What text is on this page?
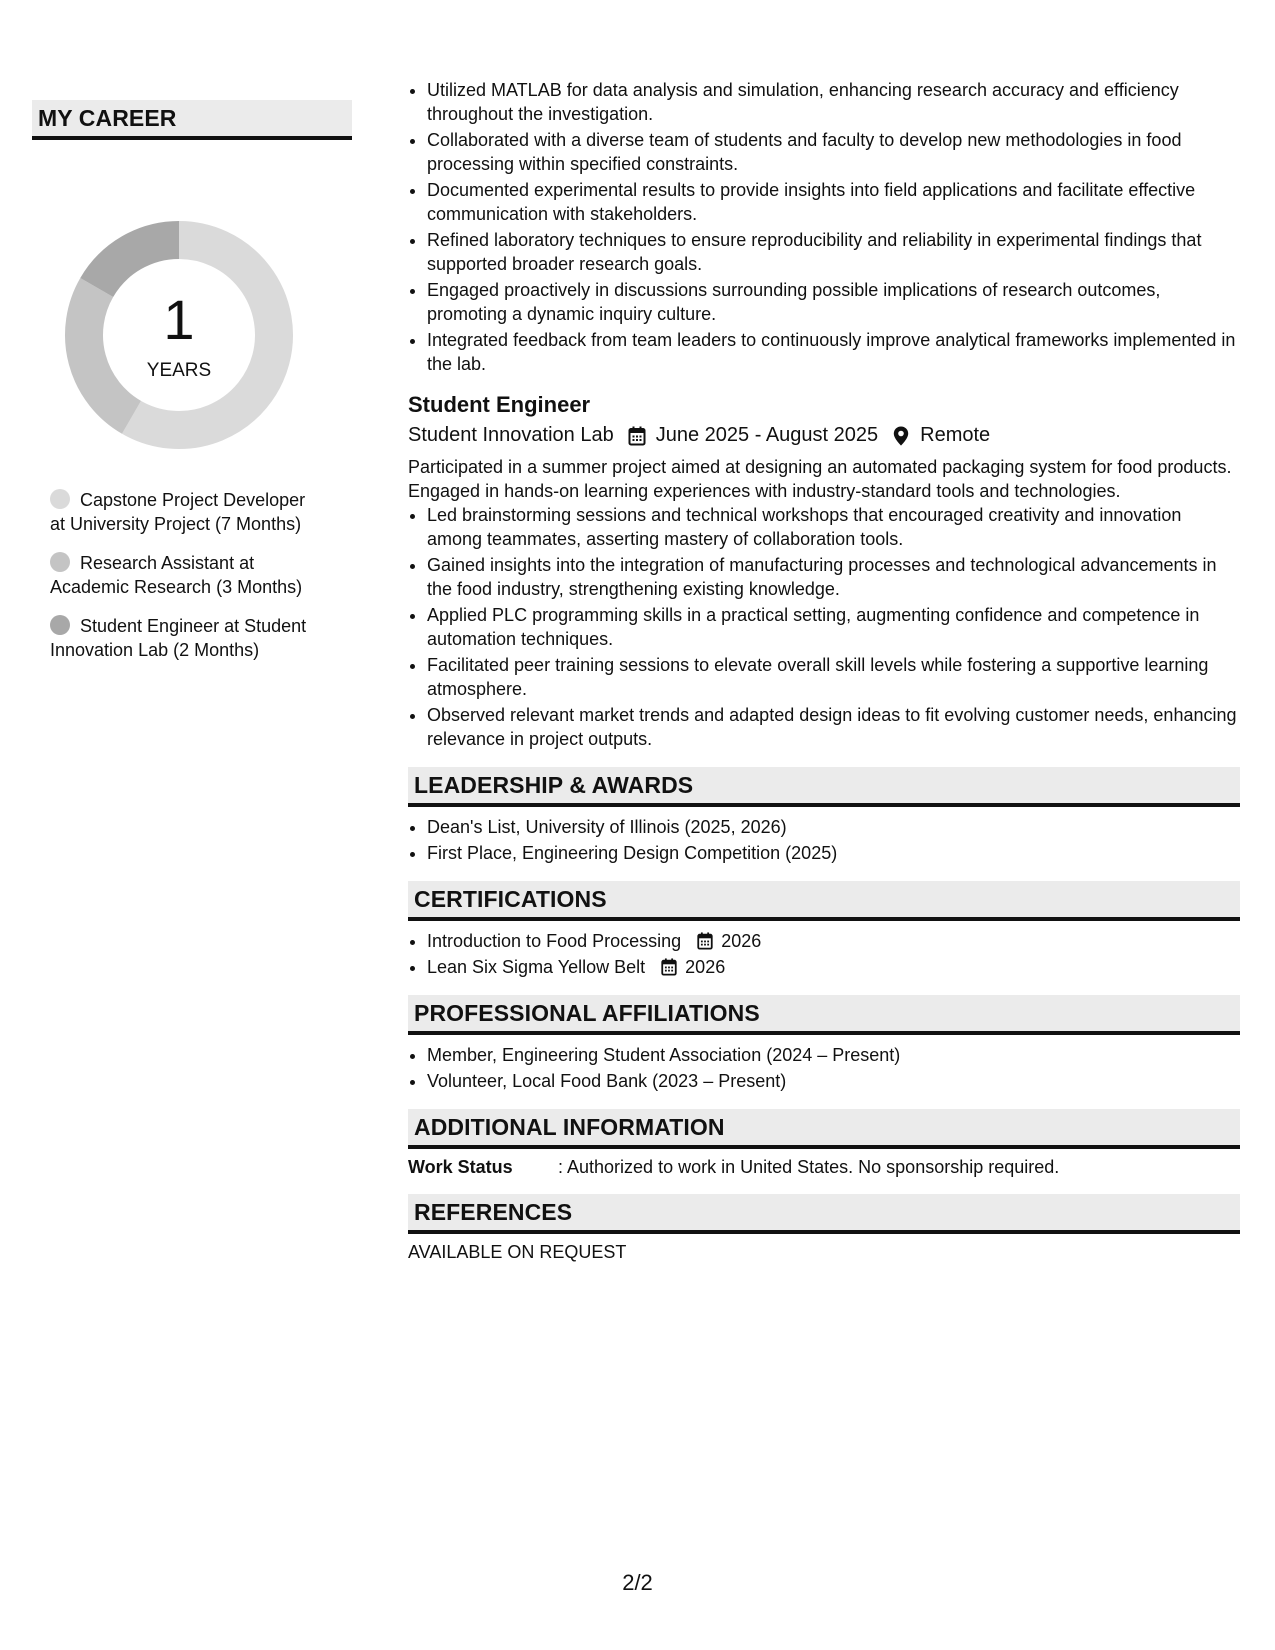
MY CAREER
1
YEARS
Capstone Project Developer at University Project (7 Months)
Research Assistant at Academic Research (3 Months)
Student Engineer at Student Innovation Lab (2 Months)
• Utilized MATLAB for data analysis and simulation, enhancing research accuracy and efficiency throughout the investigation.
• Collaborated with a diverse team of students and faculty to develop new methodologies in food processing within specified constraints.
• Documented experimental results to provide insights into field applications and facilitate effective communication with stakeholders.
• Refined laboratory techniques to ensure reproducibility and reliability in experimental findings that supported broader research goals.
• Engaged proactively in discussions surrounding possible implications of research outcomes, promoting a dynamic inquiry culture.
• Integrated feedback from team leaders to continuously improve analytical frameworks implemented in the lab.
Student Engineer
Student Innovation Lab June 2025 - August 2025 Remote
Participated in a summer project aimed at designing an automated packaging system for food products. Engaged in hands-on learning experiences with industry-standard tools and technologies.
• Led brainstorming sessions and technical workshops that encouraged creativity and innovation among teammates, asserting mastery of collaboration tools.
• Gained insights into the integration of manufacturing processes and technological advancements in the food industry, strengthening existing knowledge.
• Applied PLC programming skills in a practical setting, augmenting confidence and competence in automation techniques.
• Facilitated peer training sessions to elevate overall skill levels while fostering a supportive learning atmosphere.
• Observed relevant market trends and adapted design ideas to fit evolving customer needs, enhancing relevance in project outputs.
LEADERSHIP & AWARDS
• Dean's List, University of Illinois (2025, 2026)
• First Place, Engineering Design Competition (2025)
CERTIFICATIONS
• Introduction to Food Processing 2026
• Lean Six Sigma Yellow Belt 2026
PROFESSIONAL AFFILIATIONS
• Member, Engineering Student Association (2024 – Present)
• Volunteer, Local Food Bank (2023 – Present)
ADDITIONAL INFORMATION
Work Status	: Authorized to work in United States. No sponsorship required.
REFERENCES
AVAILABLE ON REQUEST
2/2
